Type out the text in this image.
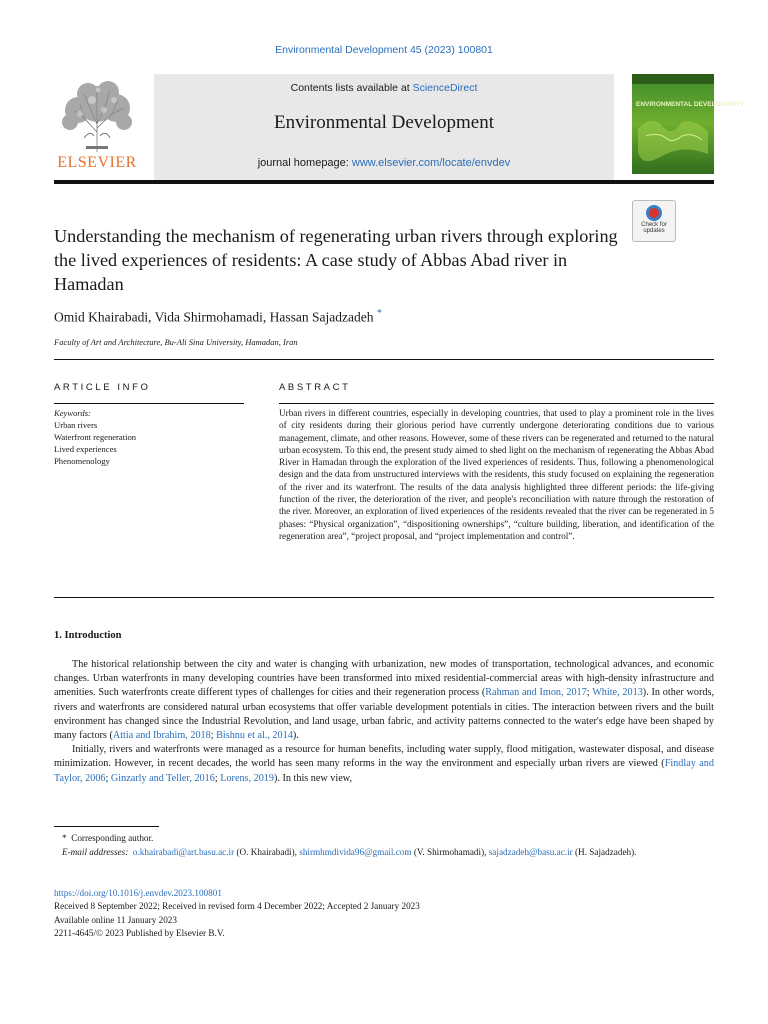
Environmental Development 45 (2023) 100801
ELSEVIER
Contents lists available at ScienceDirect
Environmental Development
journal homepage: www.elsevier.com/locate/envdev
ENVIRONMENTAL DEVELOPMENT
Check for
updates
Understanding the mechanism of regenerating urban rivers through exploring the lived experiences of residents: A case study of Abbas Abad river in Hamadan
Omid Khairabadi, Vida Shirmohamadi, Hassan Sajadzadeh *
Faculty of Art and Architecture, Bu-Ali Sina University, Hamadan, Iran
ARTICLE INFO	ABSTRACT
Keywords:
Urban rivers
Waterfront regeneration
Lived experiences
Phenomenology
Urban rivers in different countries, especially in developing countries, that used to play a prominent role in the lives of city residents during their glorious period have currently undergone deteriorating conditions due to various management, climate, and other reasons. However, some of these rivers can be regenerated and returned to the natural urban ecosystem. To this end, the present study aimed to shed light on the mechanism of regenerating the Abbas Abad River in Hamadan through the exploration of the lived experiences of residents. Thus, following a phenomenological design and the data from unstructured interviews with the residents, this study focused on explaining the regeneration of the river and its waterfront. The results of the data analysis highlighted three different periods: the life-giving function of the river, the deterioration of the river, and people's reconciliation with nature through the restoration of the river. Moreover, an exploration of lived experiences of the residents revealed that the river can be regenerated in 5 phases: “Physical organization”, “dispositioning ownerships”, “culture building, liberation, and identification of the regeneration area”, “project proposal, and “project implementation and control”.
1. Introduction

The historical relationship between the city and water is changing with urbanization, new modes of transportation, technological advances, and economic changes. Urban waterfronts in many developing countries have been transformed into mixed residential-commercial areas with high-density infrastructure and amenities. Such waterfronts create different types of challenges for cities and their regeneration process (Rahman and Imon, 2017; White, 2013). In other words, rivers and waterfronts are considered natural urban ecosystems that offer variable development potentials in cities. The interaction between rivers and the built environment has changed since the Industrial Revolution, and land usage, urban fabric, and activity patterns connected to the water's edge have been shaped by many factors (Attia and Ibrahim, 2018; Bishnu et al., 2014).

Initially, rivers and waterfronts were managed as a resource for human benefits, including water supply, flood mitigation, wastewater disposal, and disease minimization. However, in recent decades, the world has seen many reforms in the way the environment and especially urban rivers are viewed (Findlay and Taylor, 2006; Ginzarly and Teller, 2016; Lorens, 2019). In this new view,

* Corresponding author.
E-mail addresses: o.khairabadi@art.basu.ac.ir (O. Khairabadi), shirmhmdivida96@gmail.com (V. Shirmohamadi), sajadzadeh@basu.ac.ir (H. Sajadzadeh).
https://doi.org/10.1016/j.envdev.2023.100801
Received 8 September 2022; Received in revised form 4 December 2022; Accepted 2 January 2023
Available online 11 January 2023
2211-4645/© 2023 Published by Elsevier B.V.
